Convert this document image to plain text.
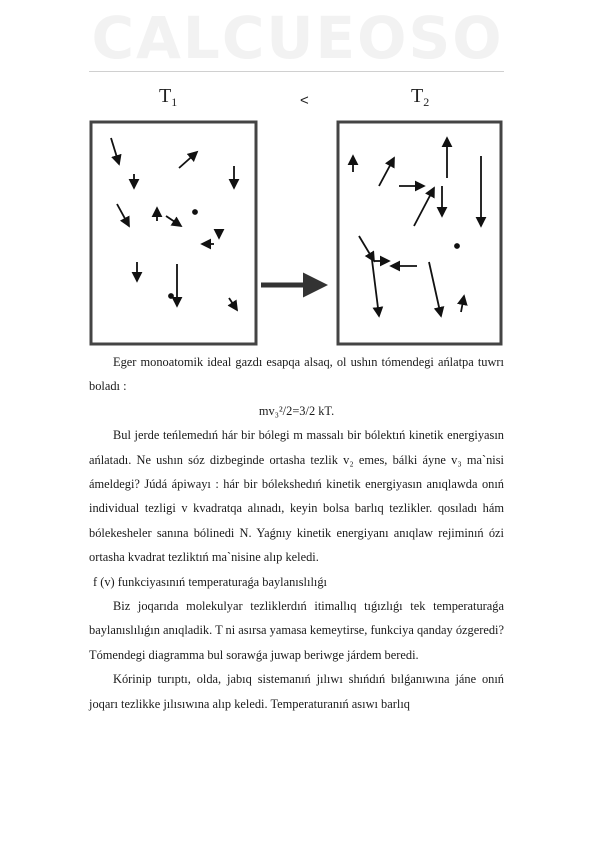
CALCUEOSO
$T_1$	<	$T_2$

Eger monoatomik ideal gazdı esapqa alsaq, ol ushın tómendegi ańlatpa tuwrı boladı :

mv₃²/2=3/2 kT.

Bul jerde teńlemedıń hár bir bólegi m massalı bir bólektıń kinetik energiyasın ańlatadı. Ne ushın sóz dizbeginde ortasha tezlik v₂ emes, bálki áyne v₃ ma`nisi ámeldegi? Júdá ápiwayı : hár bir bólekshedıń kinetik energiyasın anıqlawda onıń individual tezligi v kvadratqa alınadı, keyin bolsa barlıq tezlikler. qosıladı hám bólekesheler sanına bólinedi N. Yaǵnıy kinetik energiyanı anıqlaw rejiminıń ózi ortasha kvadrat tezliktıń ma`nisine alıp keledi.

f (v) funkciyasınıń temperaturaǵa baylanıslılıǵı

Biz joqarıda molekulyar tezliklerdıń itimallıq tıǵızlıǵı tek temperaturaǵa baylanıslılıǵın anıqladik. T ni asırsa yamasa kemeytirse, funkciya qanday ózgeredi? Tómendegi diagramma bul sorawǵa juwap beriwge járdem beredi.

Kórinip turıptı, olda, jabıq sistemanıń jılıwı shıńdıń bılǵanıwına jáne onıń joqarı tezlikke jılısıwına alıp keledi. Temperaturanıń asıwı barlıq
